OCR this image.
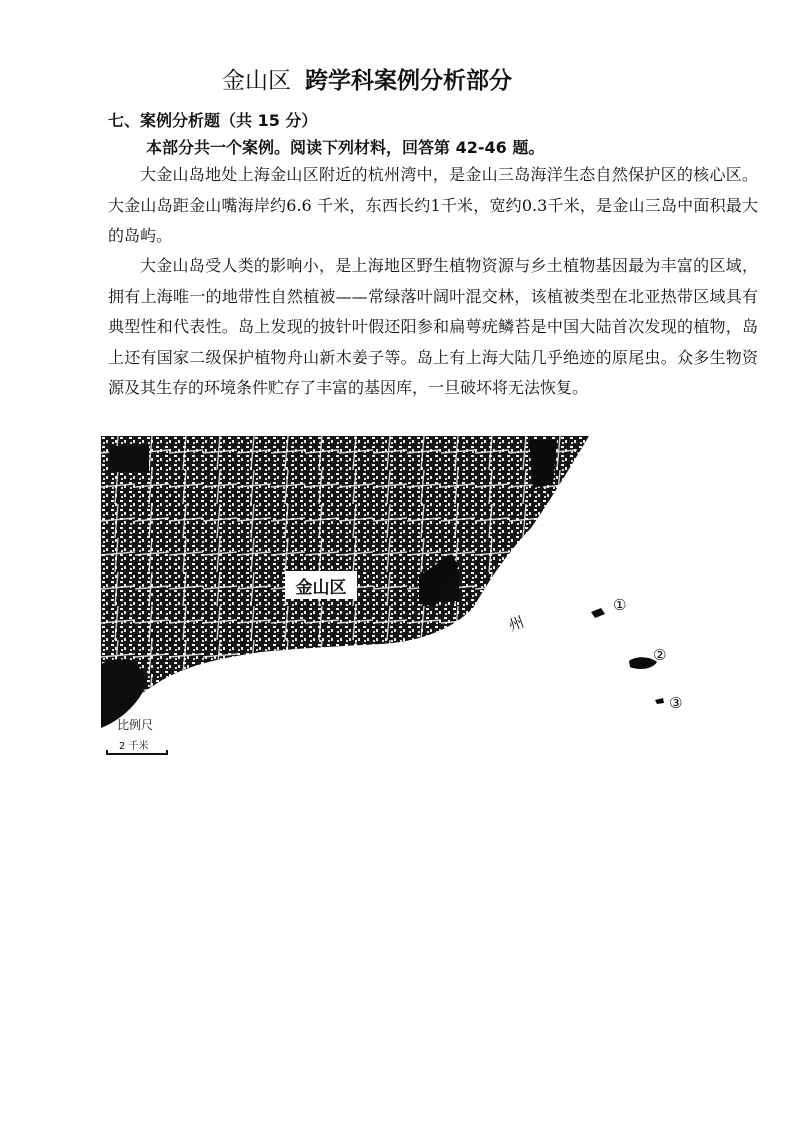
金山区 跨学科案例分析部分
七、案例分析题（共 15 分）
本部分共一个案例。阅读下列材料，回答第 42-46 题。

大金山岛地处上海金山区附近的杭州湾中，是金山三岛海洋生态自然保护区的核心区。大金山岛距金山嘴海岸约6.6 千米，东西长约1千米，宽约0.3千米，是金山三岛中面积最大的岛屿。

大金山岛受人类的影响小，是上海地区野生植物资源与乡土植物基因最为丰富的区域，拥有上海唯一的地带性自然植被——常绿落叶阔叶混交林，该植被类型在北亚热带区域具有典型性和代表性。岛上发现的披针叶假还阳参和扁萼疣鳞苔是中国大陆首次发现的植物，岛上还有国家二级保护植物舟山新木姜子等。岛上有上海大陆几乎绝迹的原尾虫。众多生物资源及其生存的环境条件贮存了丰富的基因库，一旦破坏将无法恢复。

金山区
州
①
②
③
比例尺
2 千米
